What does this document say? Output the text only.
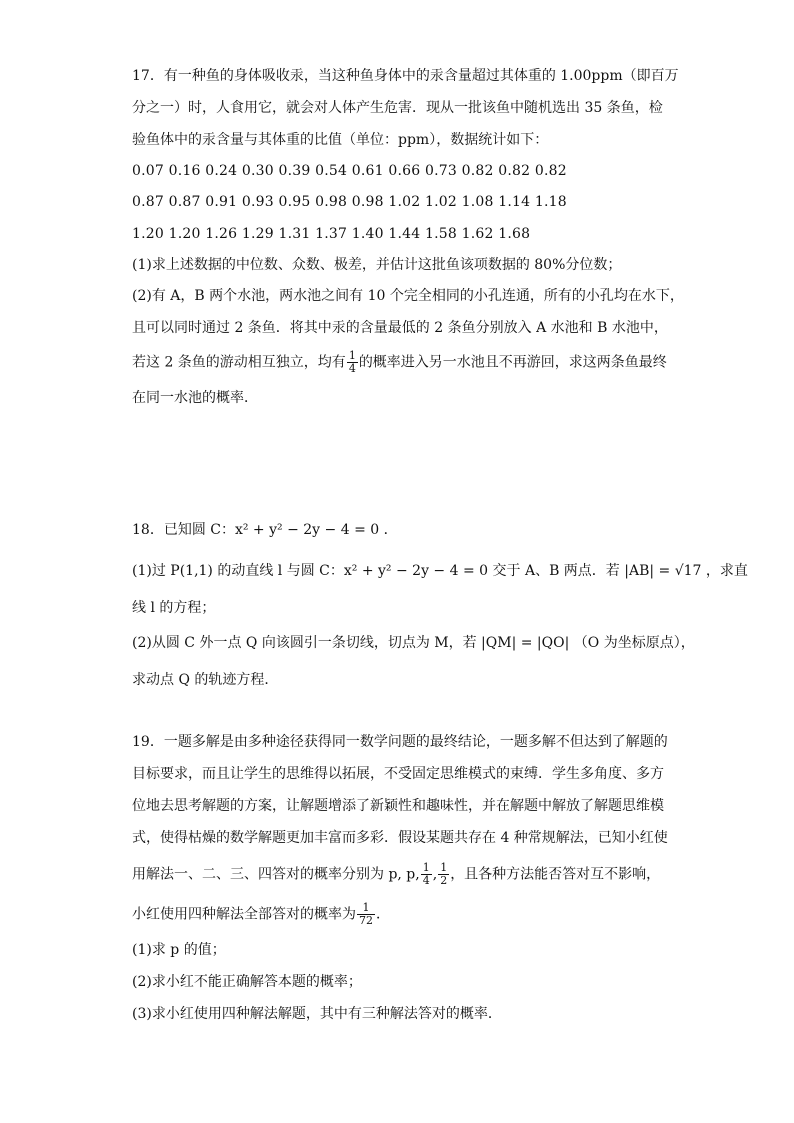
17．有一种鱼的身体吸收汞，当这种鱼身体中的汞含量超过其体重的 1.00ppm（即百万
分之一）时，人食用它，就会对人体产生危害．现从一批该鱼中随机选出 35 条鱼，检
验鱼体中的汞含量与其体重的比值（单位：ppm），数据统计如下：
0.07 0.16 0.24 0.30 0.39 0.54 0.61 0.66 0.73 0.82 0.82 0.82
0.87 0.87 0.91 0.93 0.95 0.98 0.98 1.02 1.02 1.08 1.14 1.18
1.20 1.20 1.26 1.29 1.31 1.37 1.40 1.44 1.58 1.62 1.68
(1)求上述数据的中位数、众数、极差，并估计这批鱼该项数据的 80%分位数；
(2)有 A，B 两个水池，两水池之间有 10 个完全相同的小孔连通，所有的小孔均在水下，
且可以同时通过 2 条鱼．将其中汞的含量最低的 2 条鱼分别放入 A 水池和 B 水池中，
若这 2 条鱼的游动相互独立，均有 $\frac{1}{4}$ 的概率进入另一水池且不再游回，求这两条鱼最终
在同一水池的概率．
18．已知圆 C：x² + y² − 2y − 4 = 0 ．
(1)过 P(1,1) 的动直线 l 与圆 C：x² + y² − 2y − 4 = 0 交于 A、B 两点．若 |AB| = √17 ，求直
线 l 的方程；
(2)从圆 C 外一点 Q 向该圆引一条切线，切点为 M，若 |QM| = |QO| （O 为坐标原点），
求动点 Q 的轨迹方程．
19．一题多解是由多种途径获得同一数学问题的最终结论，一题多解不但达到了解题的
目标要求，而且让学生的思维得以拓展，不受固定思维模式的束缚．学生多角度、多方
位地去思考解题的方案，让解题增添了新颖性和趣味性，并在解题中解放了解题思维模
式，使得枯燥的数学解题更加丰富而多彩．假设某题共存在 4 种常规解法，已知小红使
用解法一、二、三、四答对的概率分别为 p, p, $\frac{1}{4}$ , $\frac{1}{2}$ ，且各种方法能否答对互不影响，
小红使用四种解法全部答对的概率为 $\frac{1}{72}$ ．
(1)求 p 的值；
(2)求小红不能正确解答本题的概率；
(3)求小红使用四种解法解题，其中有三种解法答对的概率．
